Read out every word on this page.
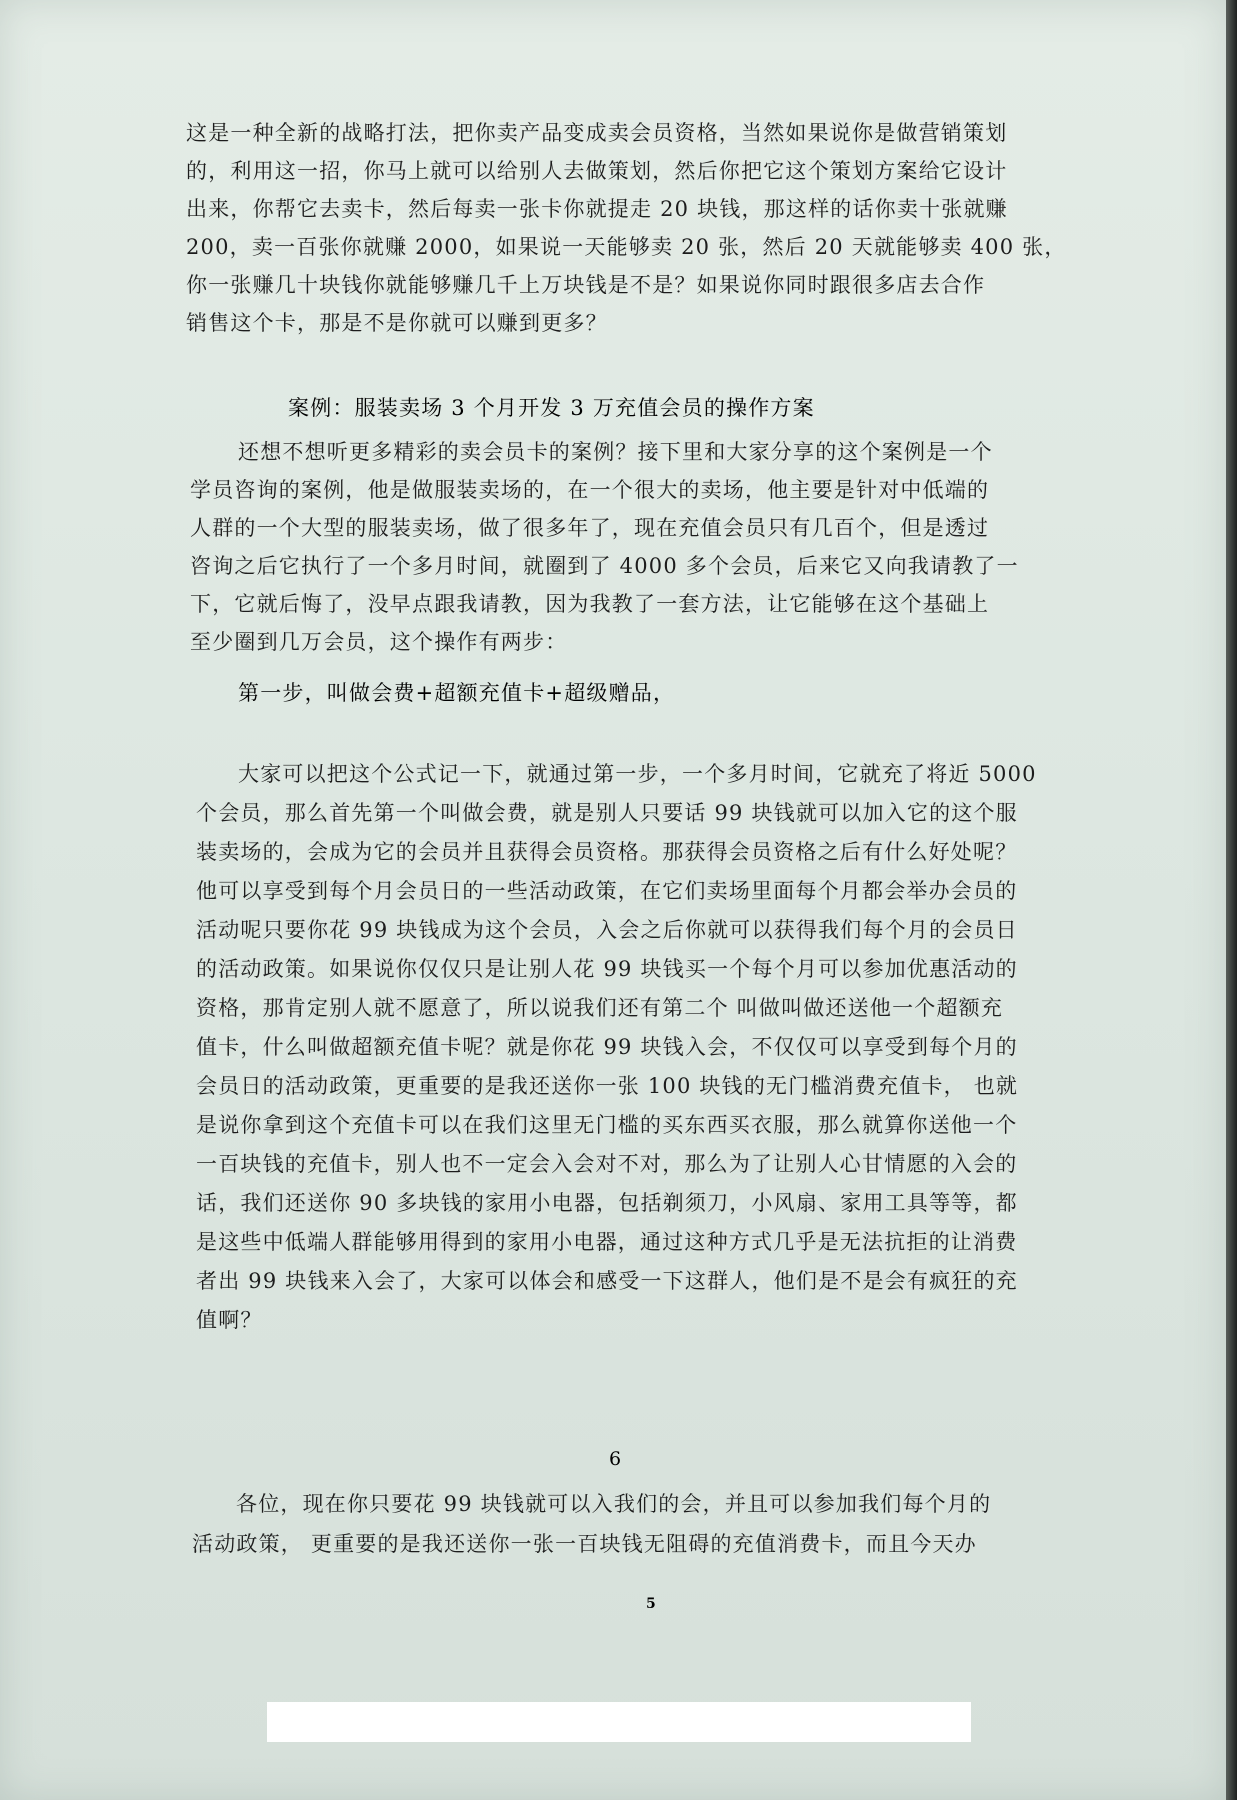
这是一种全新的战略打法，把你卖产品变成卖会员资格，当然如果说你是做营销策划
的，利用这一招，你马上就可以给别人去做策划，然后你把它这个策划方案给它设计
出来，你帮它去卖卡，然后每卖一张卡你就提走 20 块钱，那这样的话你卖十张就赚
200，卖一百张你就赚 2000，如果说一天能够卖 20 张，然后 20 天就能够卖 400 张，
你一张赚几十块钱你就能够赚几千上万块钱是不是？如果说你同时跟很多店去合作
销售这个卡，那是不是你就可以赚到更多？
案例：服装卖场 3 个月开发 3 万充值会员的操作方案
还想不想听更多精彩的卖会员卡的案例？接下里和大家分享的这个案例是一个
学员咨询的案例，他是做服装卖场的，在一个很大的卖场，他主要是针对中低端的
人群的一个大型的服装卖场，做了很多年了，现在充值会员只有几百个，但是透过
咨询之后它执行了一个多月时间，就圈到了 4000 多个会员，后来它又向我请教了一
下，它就后悔了，没早点跟我请教，因为我教了一套方法，让它能够在这个基础上
至少圈到几万会员，这个操作有两步：
第一步，叫做会费+超额充值卡+超级赠品，
大家可以把这个公式记一下，就通过第一步，一个多月时间，它就充了将近 5000
个会员，那么首先第一个叫做会费，就是别人只要话 99 块钱就可以加入它的这个服
装卖场的，会成为它的会员并且获得会员资格。那获得会员资格之后有什么好处呢？
他可以享受到每个月会员日的一些活动政策，在它们卖场里面每个月都会举办会员的
活动呢只要你花 99 块钱成为这个会员，入会之后你就可以获得我们每个月的会员日
的活动政策。如果说你仅仅只是让别人花 99 块钱买一个每个月可以参加优惠活动的
资格，那肯定别人就不愿意了，所以说我们还有第二个 叫做叫做还送他一个超额充
值卡，什么叫做超额充值卡呢？就是你花 99 块钱入会，不仅仅可以享受到每个月的
会员日的活动政策，更重要的是我还送你一张 100 块钱的无门槛消费充值卡， 也就
是说你拿到这个充值卡可以在我们这里无门槛的买东西买衣服，那么就算你送他一个
一百块钱的充值卡，别人也不一定会入会对不对，那么为了让别人心甘情愿的入会的
话，我们还送你 90 多块钱的家用小电器，包括剃须刀，小风扇、家用工具等等，都
是这些中低端人群能够用得到的家用小电器，通过这种方式几乎是无法抗拒的让消费
者出 99 块钱来入会了，大家可以体会和感受一下这群人，他们是不是会有疯狂的充
值啊？
6
各位，现在你只要花 99 块钱就可以入我们的会，并且可以参加我们每个月的
活动政策， 更重要的是我还送你一张一百块钱无阻碍的充值消费卡，而且今天办
5
